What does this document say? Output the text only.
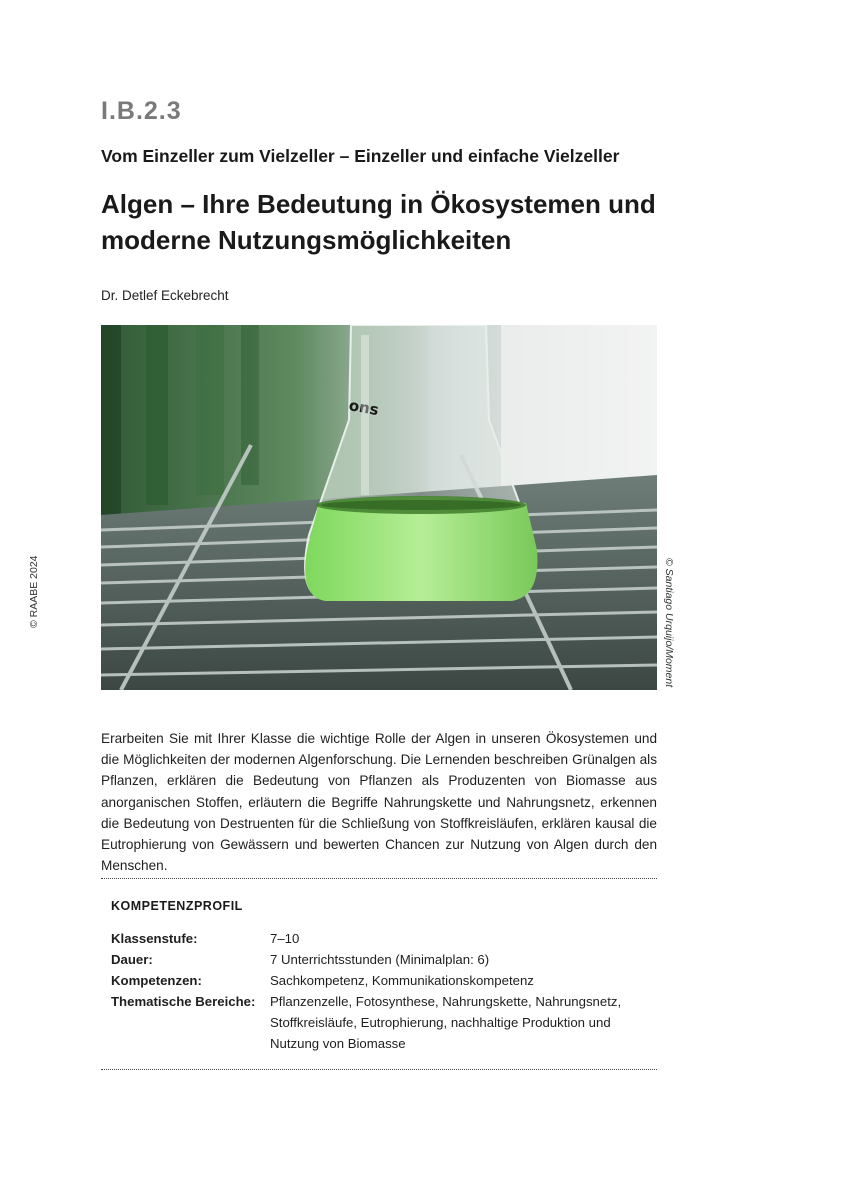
I.B.2.3
Vom Einzeller zum Vielzeller – Einzeller und einfache Vielzeller
Algen – Ihre Bedeutung in Ökosystemen und moderne Nutzungsmöglichkeiten
Dr. Detlef Eckebrecht
© RAABE 2024
ons
© Santiago Urquijo/Moment

Erarbeiten Sie mit Ihrer Klasse die wichtige Rolle der Algen in unseren Ökosystemen und die Möglichkeiten der modernen Algenforschung. Die Lernenden beschreiben Grünalgen als Pflanzen, erklären die Bedeutung von Pflanzen als Produzenten von Biomasse aus anorganischen Stoffen, erläutern die Begriffe Nahrungskette und Nahrungsnetz, erkennen die Bedeutung von Destruenten für die Schließung von Stoffkreisläufen, erklären kausal die Eutrophierung von Gewässern und bewerten Chancen zur Nutzung von Algen durch den Menschen.

KOMPETENZPROFIL
Klassenstufe:	7–10
Dauer:	7 Unterrichtsstunden (Minimalplan: 6)
Kompetenzen:	Sachkompetenz, Kommunikationskompetenz
Thematische Bereiche:	Pflanzenzelle, Fotosynthese, Nahrungskette, Nahrungsnetz, Stoffkreisläufe, Eutrophierung, nachhaltige Produktion und Nutzung von Biomasse
